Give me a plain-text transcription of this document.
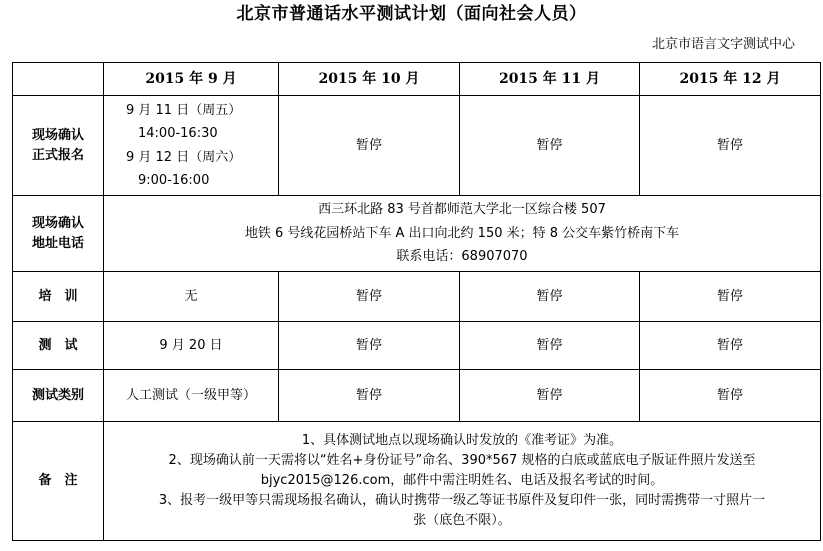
北京市普通话水平测试计划（面向社会人员）
北京市语言文字测试中心
	2015 年 9 月	2015 年 10 月	2015 年 11 月	2015 年 12 月

现场确认
正式报名	9 月 11 日（周五）
14:00-16:30
9 月 12 日（周六）
9:00-16:00	暂停	暂停	暂停

现场确认
地址电话	西三环北路 83 号首都师范大学北一区综合楼 507
地铁 6 号线花园桥站下车 A 出口向北约 150 米；特 8 公交车紫竹桥南下车
联系电话：68907070			

培　训	无	暂停	暂停	暂停
测　试	9 月 20 日	暂停	暂停	暂停
测试类别	人工测试（一级甲等）	暂停	暂停	暂停
备　注	1、具体测试地点以现场确认时发放的《准考证》为准。
2、现场确认前一天需将以“姓名+身份证号”命名、390*567 规格的白底或蓝底电子版证件照片发送至
bjyc2015@126.com，邮件中需注明姓名、电话及报名考试的时间。
3、报考一级甲等只需现场报名确认，确认时携带一级乙等证书原件及复印件一张，同时需携带一寸照片一
张（底色不限）。			
